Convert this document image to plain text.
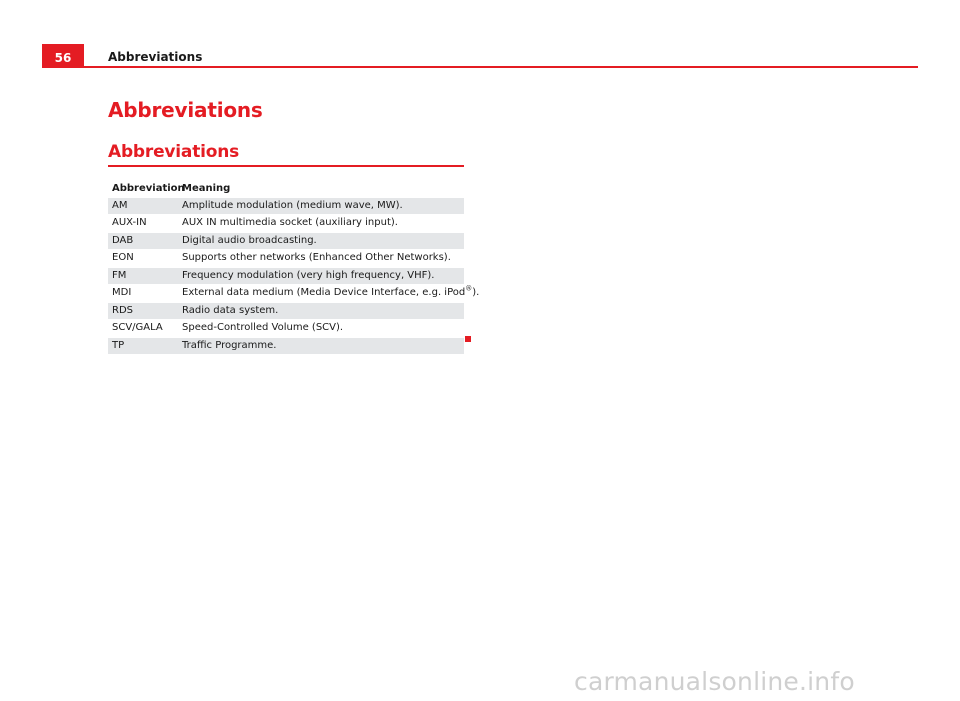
56	Abbreviations
Abbreviations
Abbreviations
Abbreviation	Meaning
AM	Amplitude modulation (medium wave, MW).
AUX-IN	AUX IN multimedia socket (auxiliary input).
DAB	Digital audio broadcasting.
EON	Supports other networks (Enhanced Other Networks).
FM	Frequency modulation (very high frequency, VHF).
MDI	External data medium (Media Device Interface, e.g. iPod®).
RDS	Radio data system.
SCV/GALA	Speed-Controlled Volume (SCV).
TP	Traffic Programme.
carmanualsonline.info
